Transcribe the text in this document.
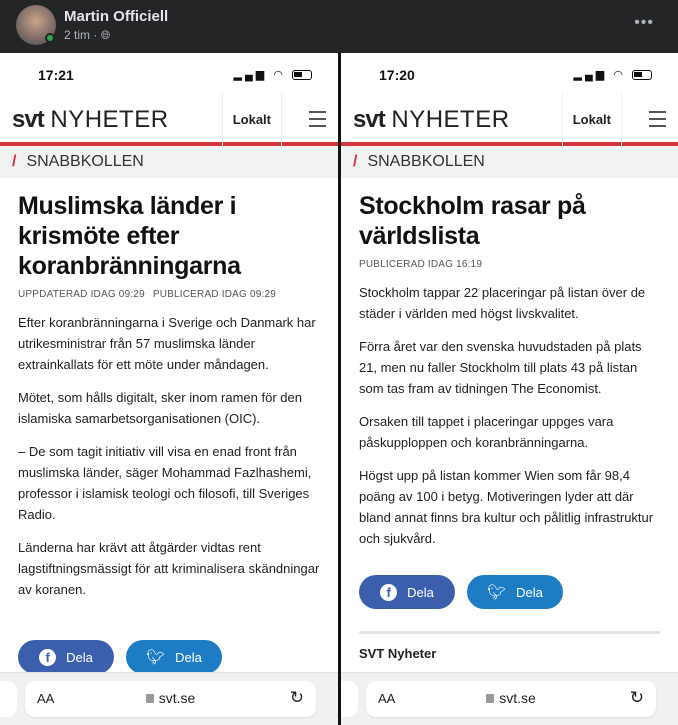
Martin Officiell
2 tim · 🌐︎
•••
17:21	▂▄▆ ◠
svt NYHETER	Lokalt
/ SNABBKOLLEN
Muslimska länder i krismöte efter koranbränningarna
UPPDATERAD IDAG 09:29 PUBLICERAD IDAG 09:29

Efter koranbränningarna i Sverige och Danmark har utrikesministrar från 57 muslimska länder extrainkallats för ett möte under måndagen.

Mötet, som hålls digitalt, sker inom ramen för den islamiska samarbetsorganisationen (OIC).

– De som tagit initiativ vill visa en enad front från muslimska länder, säger Mohammad Fazlhashemi, professor i islamisk teologi och filosofi, till Sveriges Radio.

Länderna har krävt att åtgärder vidtas rent lagstiftningsmässigt för att kriminalisera skändningar av koranen.

f	Dela	🐦︎ Dela
AA	svt.se	↻
17:20	▂▄▆ ◠
svt NYHETER	Lokalt
/ SNABBKOLLEN
Stockholm rasar på världslista
PUBLICERAD IDAG 16:19

Stockholm tappar 22 placeringar på listan över de städer i världen med högst livskvalitet.

Förra året var den svenska huvudstaden på plats 21, men nu faller Stockholm till plats 43 på listan som tas fram av tidningen The Economist.

Orsaken till tappet i placeringar uppges vara påskupploppen och koranbränningarna.

Högst upp på listan kommer Wien som får 98,4 poäng av 100 i betyg. Motiveringen lyder att där bland annat finns bra kultur och pålitlig infrastruktur och sjukvård.

f	Dela	🐦︎ Dela
SVT Nyheter
AA	svt.se	↻
